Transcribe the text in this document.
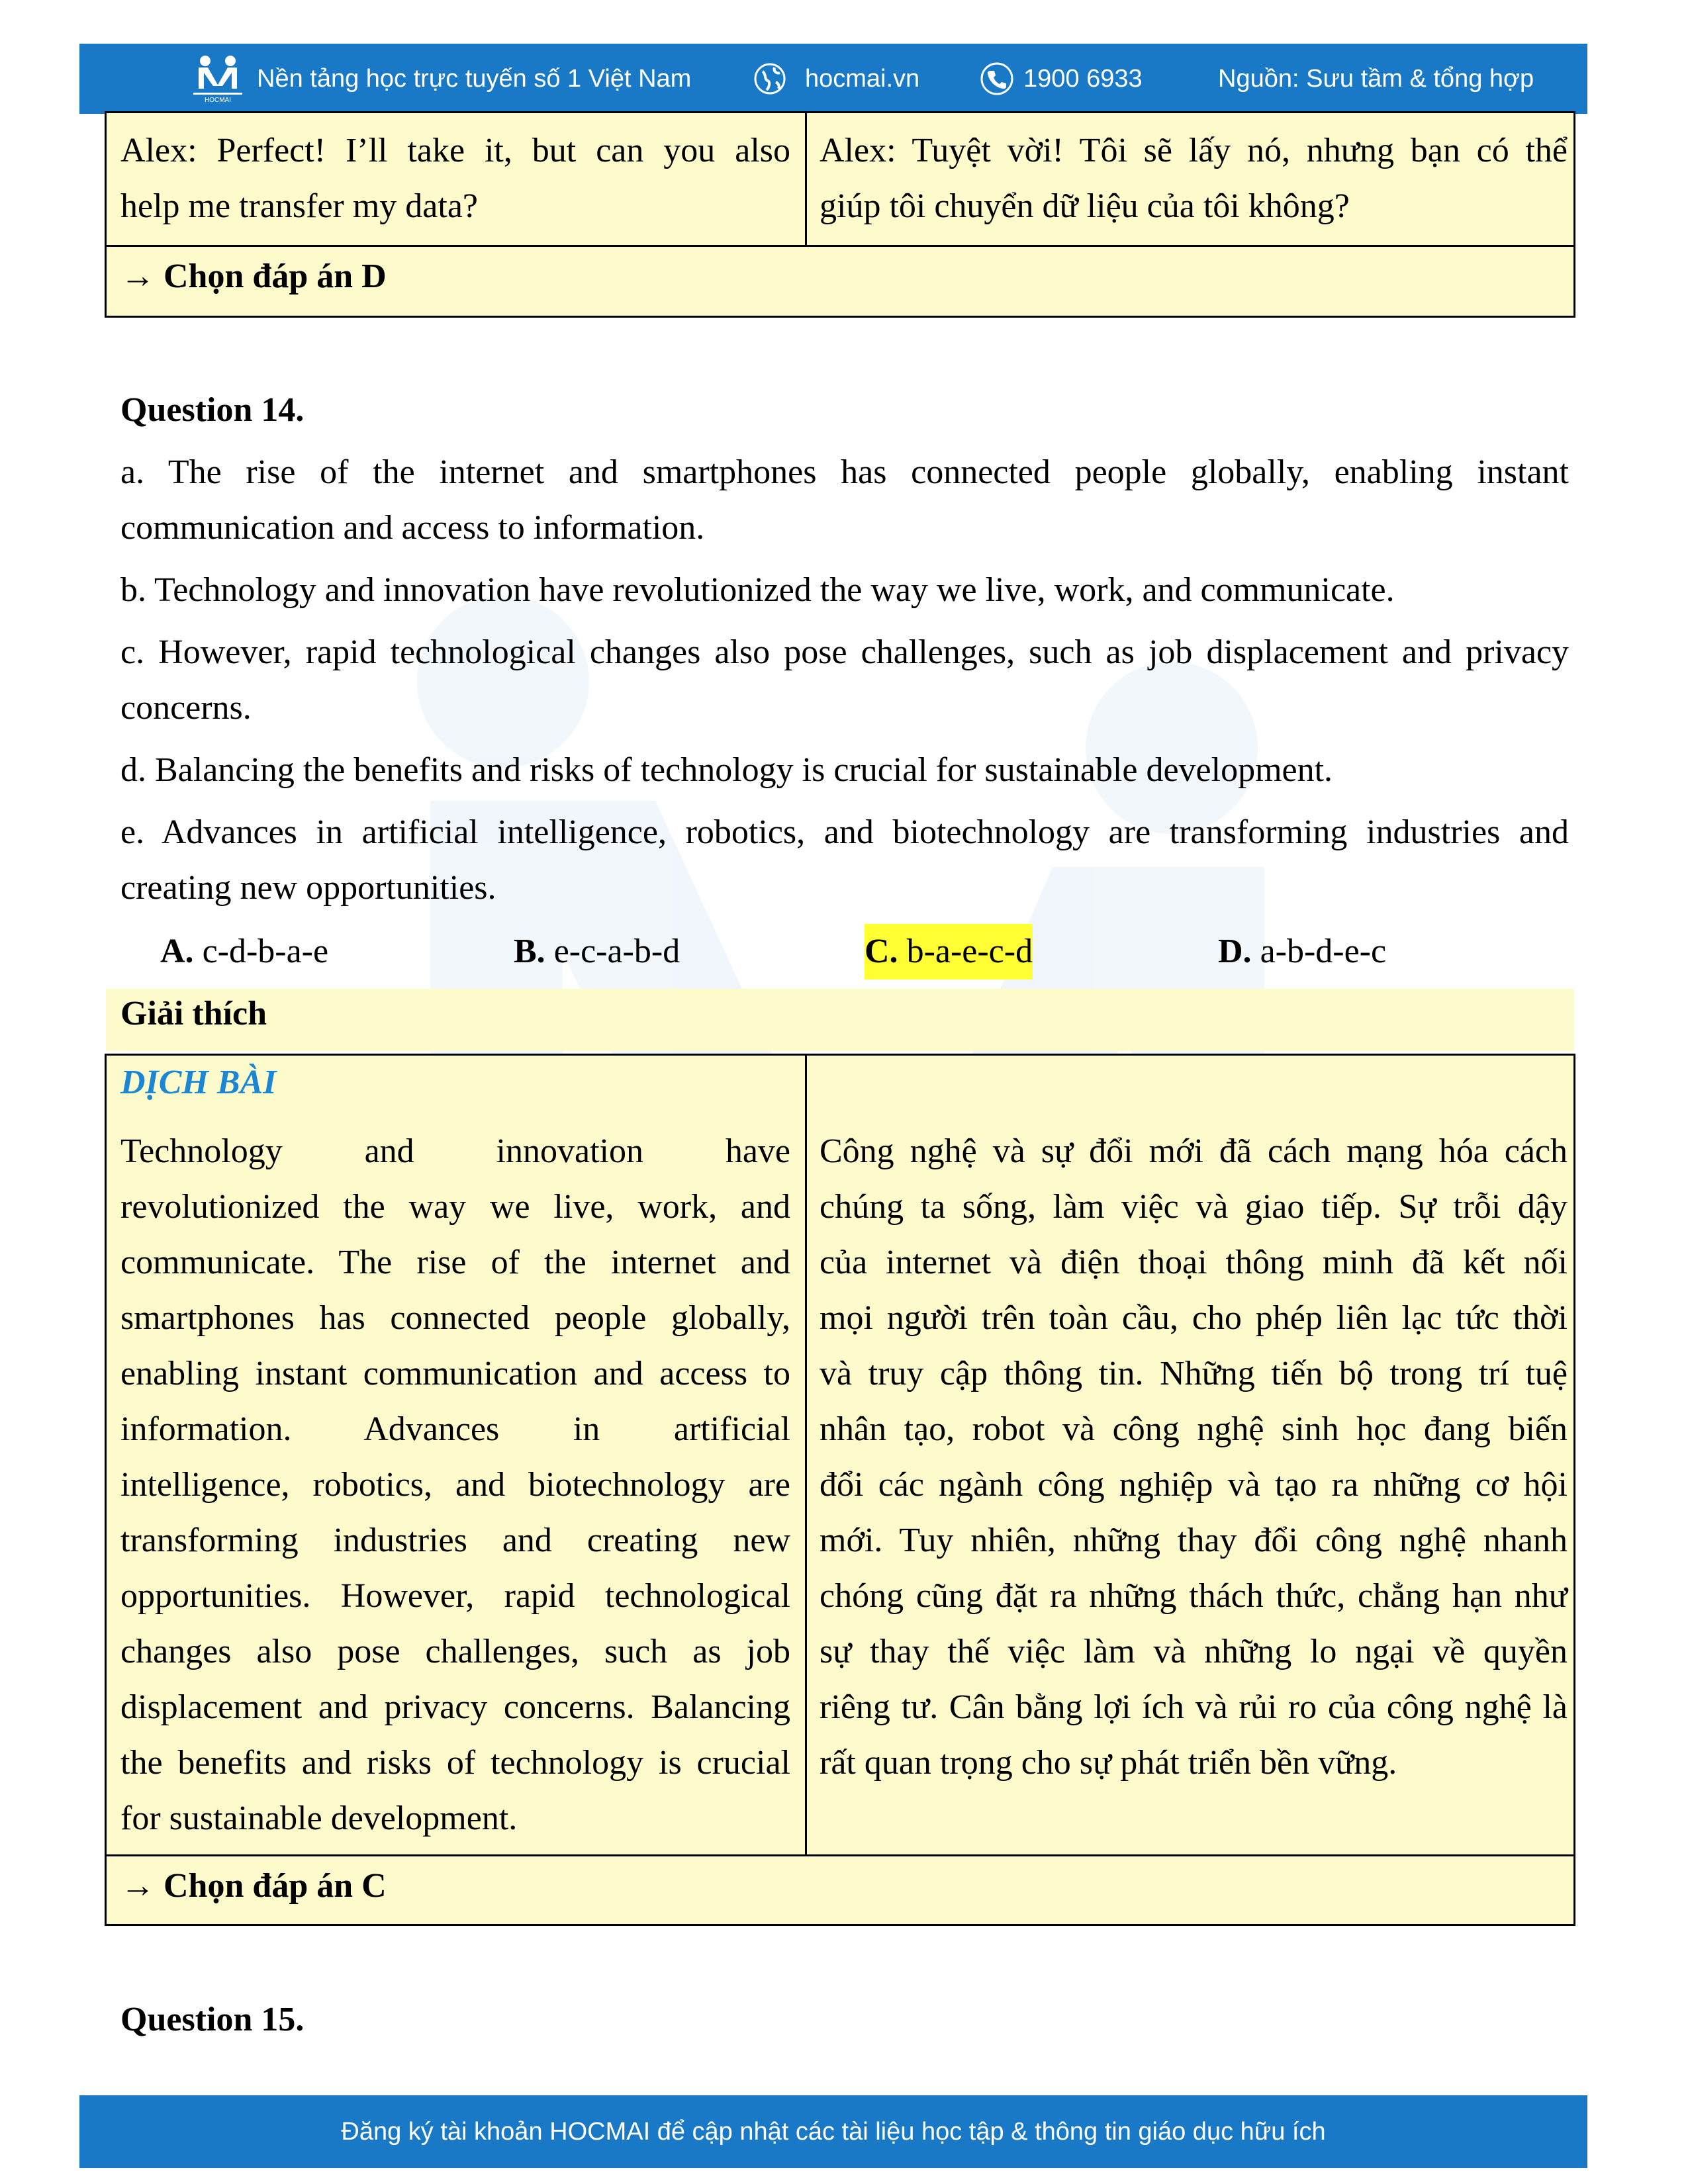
HOCMAI
Nền tảng học trực tuyến số 1 Việt Nam	hocmai.vn	1900 6933	Nguồn: Sưu tầm & tổng hợp
Alex: Perfect! I’ll take it, but can you also
help me transfer my data?
Alex: Tuyệt vời! Tôi sẽ lấy nó, nhưng bạn có thể
giúp tôi chuyển dữ liệu của tôi không?
→ Chọn đáp án D
Question 14.
a. The rise of the internet and smartphones has connected people globally, enabling instant
communication and access to information.
b. Technology and innovation have revolutionized the way we live, work, and communicate.
c. However, rapid technological changes also pose challenges, such as job displacement and privacy
concerns.
d. Balancing the benefits and risks of technology is crucial for sustainable development.
e. Advances in artificial intelligence, robotics, and biotechnology are transforming industries and
creating new opportunities.
A. c-d-b-a-e	B. e-c-a-b-d	C. b-a-e-c-d	D. a-b-d-e-c
Giải thích
DỊCH BÀI
Technology and innovation have
revolutionized the way we live, work, and
communicate. The rise of the internet and
smartphones has connected people globally,
enabling instant communication and access to
information. Advances in artificial
intelligence, robotics, and biotechnology are
transforming industries and creating new
opportunities. However, rapid technological
changes also pose challenges, such as job
displacement and privacy concerns. Balancing
the benefits and risks of technology is crucial
for sustainable development.
Công nghệ và sự đổi mới đã cách mạng hóa cách
chúng ta sống, làm việc và giao tiếp. Sự trỗi dậy
của internet và điện thoại thông minh đã kết nối
mọi người trên toàn cầu, cho phép liên lạc tức thời
và truy cập thông tin. Những tiến bộ trong trí tuệ
nhân tạo, robot và công nghệ sinh học đang biến
đổi các ngành công nghiệp và tạo ra những cơ hội
mới. Tuy nhiên, những thay đổi công nghệ nhanh
chóng cũng đặt ra những thách thức, chẳng hạn như
sự thay thế việc làm và những lo ngại về quyền
riêng tư. Cân bằng lợi ích và rủi ro của công nghệ là
rất quan trọng cho sự phát triển bền vững.
→ Chọn đáp án C
Question 15.
Đăng ký tài khoản HOCMAI để cập nhật các tài liệu học tập & thông tin giáo dục hữu ích
